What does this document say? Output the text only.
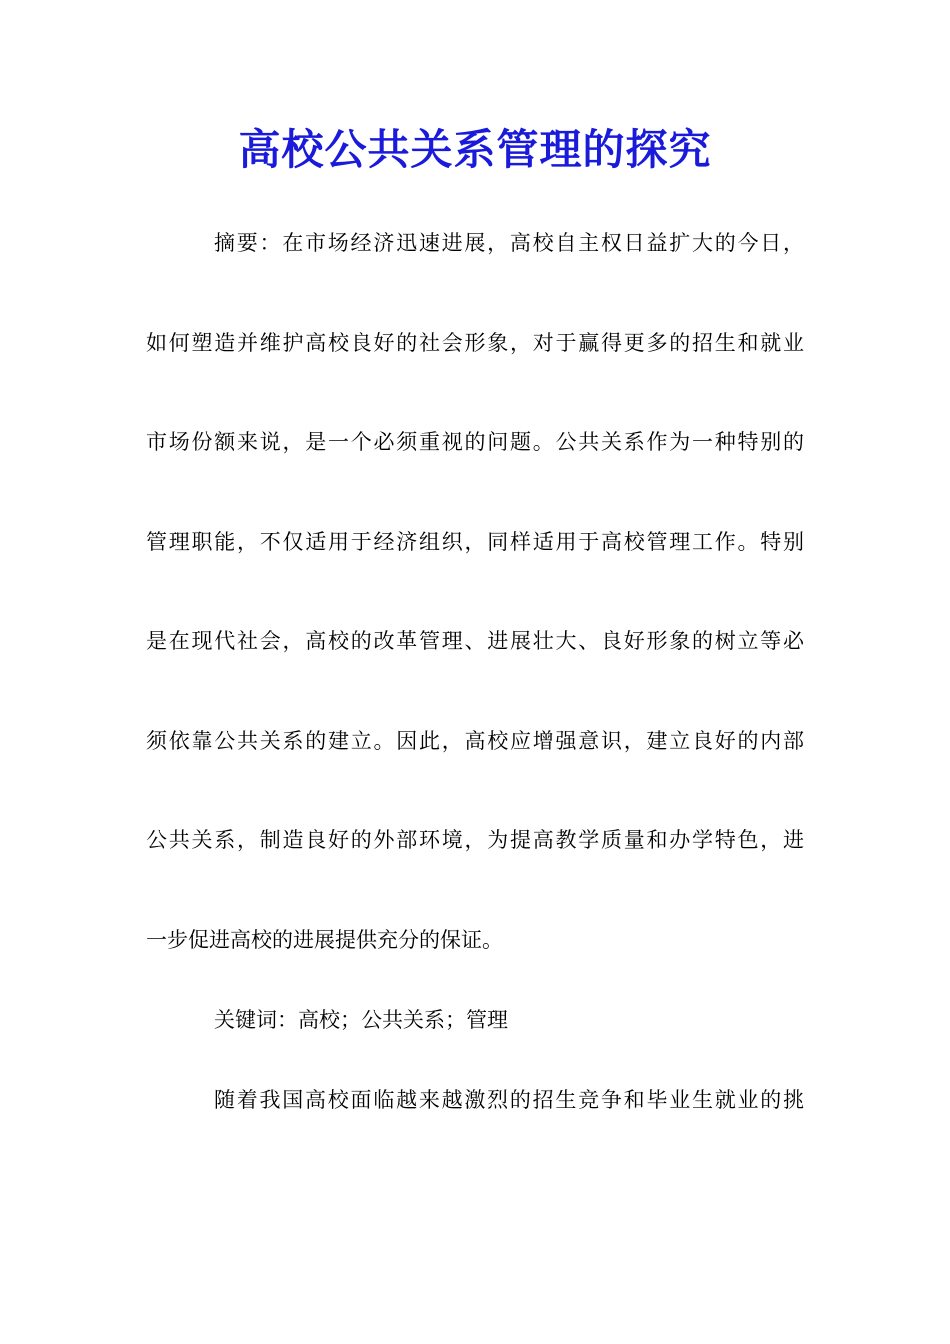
高校公共关系管理的探究
摘要：在市场经济迅速进展，高校自主权日益扩大的今日，
如何塑造并维护高校良好的社会形象，对于赢得更多的招生和就业
市场份额来说，是一个必须重视的问题。公共关系作为一种特别的
管理职能，不仅适用于经济组织，同样适用于高校管理工作。特别
是在现代社会，高校的改革管理、进展壮大、良好形象的树立等必
须依靠公共关系的建立。因此，高校应增强意识，建立良好的内部
公共关系，制造良好的外部环境，为提高教学质量和办学特色，进
一步促进高校的进展提供充分的保证。
关键词：高校；公共关系；管理
随着我国高校面临越来越激烈的招生竞争和毕业生就业的挑
